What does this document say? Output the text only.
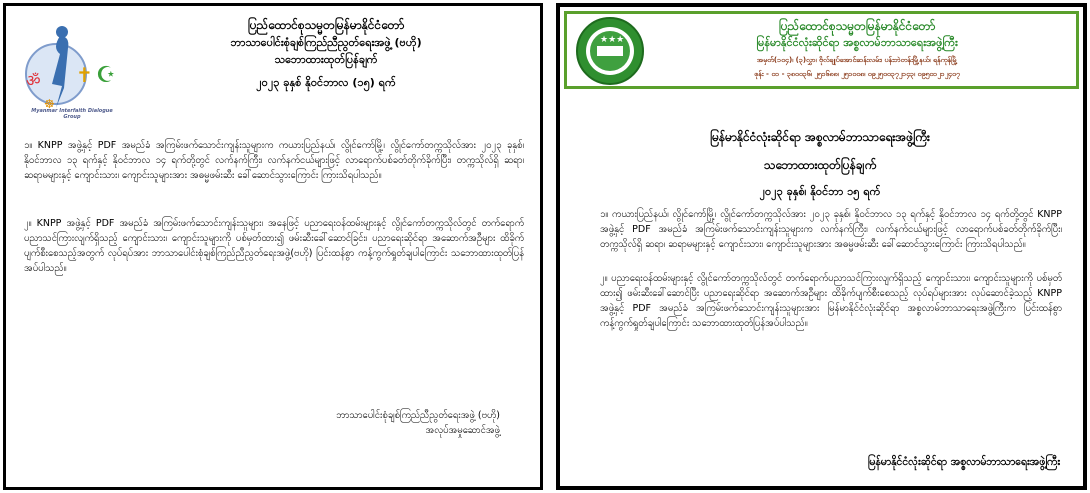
ॐ ✝ ☪
☸
Myanmar Interfaith Dialogue Group
ပြည်ထောင်စုသမ္မတမြန်မာနိုင်ငံတော်
ဘာသာပေါင်းစုံချစ်ကြည်ညီညွတ်ရေးအဖွဲ့ (ဗဟို)
သဘောထားထုတ်ပြန်ချက်
၂၀၂၃ ခုနှစ် နိုဝင်ဘာလ (၁၅) ရက်
၁။ KNPP အဖွဲ့နှင့် PDF အမည်ခံ အကြမ်းဖက်သောင်းကျန်းသူများက ကယားပြည်နယ်၊ လွိုင်ကော်မြို့၊ လွိုင်ကော်တက္ကသိုလ်အား ၂၀၂၃ ခုနှစ်၊ နိုဝင်ဘာလ ၁၃ ရက်နှင့် နိုဝင်ဘာလ ၁၄ ရက်တို့တွင် လက်နက်ကြီး၊ လက်နက်ငယ်များဖြင့် လာရောက်ပစ်ခတ်တိုက်ခိုက်ပြီး၊ တက္ကသိုလ်ရှိ ဆရာ၊ ဆရာမများနှင့် ကျောင်းသား၊ ကျောင်းသူများအား အဓမ္မဖမ်းဆီး ခေါ်ဆောင်သွားကြောင်း ကြားသိရပါသည်။
၂။ KNPP အဖွဲ့နှင့် PDF အမည်ခံ အကြမ်းဖက်သောင်းကျန်းသူများ၊ အနေဖြင့် ပညာရေးဝန်ထမ်းများနှင့် လွိုင်ကော်တက္ကသိုလ်တွင် တက်ရောက်ပညာသင်ကြားလျက်ရှိသည့် ကျောင်းသား၊ ကျောင်းသူများကို ပစ်မှတ်ထား၍ ဖမ်းဆီးခေါ်ဆောင်ခြင်း၊ ပညာရေးဆိုင်ရာ အဆောက်အဦများ ထိခိုက် ပျက်စီးစေသည့်အတွက် လုပ်ရပ်အား ဘာသာပေါင်းစုံချစ်ကြည်ညီညွတ်ရေးအဖွဲ့(ဗဟို) ပြင်းထန်စွာ ကန့်ကွက်ရှုတ်ချပါကြောင်း သဘောထားထုတ်ပြန်အပ်ပါသည်။
ဘာသာပေါင်းစုံချစ်ကြည်ညီညွတ်ရေးအဖွဲ့ (ဗဟို)
အလုပ်အမှုဆောင်အဖွဲ့
★★★
ပြည်ထောင်စုသမ္မတမြန်မာနိုင်ငံတော်
မြန်မာနိုင်ငံလုံးဆိုင်ရာ အစ္စလာမ်ဘာသာရေးအဖွဲ့ကြီး
အမှတ်(၁၀၄)၊ (၃)လွှာ၊ ဗိုလ်ချုပ်အောင်ဆန်းလမ်း၊ ပန်းဘဲတန်းမြို့နယ်၊ ရန်ကုန်မြို့
ဖုန်း - ၀၁ - ၃၈၀၀၃၆၊ ၂၅၁၆၈၈၊ ၂၅၁၀၀၈၊ ၀၉၂၅၀၀၃၇၂၁၄၃၊ ၀၉၅၀၁၂၁၂၄၀၇
မြန်မာနိုင်ငံလုံးဆိုင်ရာ အစ္စလာမ်ဘာသာရေးအဖွဲ့ကြီး
သဘောထားထုတ်ပြန်ချက်
၂၀၂၃ ခုနှစ်၊ နိုဝင်ဘာ ၁၅ ရက်
၁။ ကယားပြည်နယ်၊ လွိုင်ကော်မြို့၊ လွိုင်ကော်တက္ကသိုလ်အား ၂၀၂၃ ခုနှစ်၊ နိုဝင်ဘာလ ၁၃ ရက်နှင့် နိုဝင်ဘာလ ၁၄ ရက်တို့တွင် KNPP အဖွဲ့နှင့် PDF အမည်ခံ အကြမ်းဖက်သောင်းကျန်းသူများက လက်နက်ကြီး၊ လက်နက်ငယ်များဖြင့် လာရောက်ပစ်ခတ်တိုက်ခိုက်ပြီး၊ တက္ကသိုလ်ရှိ ဆရာ၊ ဆရာမများနှင့် ကျောင်းသား၊ ကျောင်းသူများအား အဓမ္မဖမ်းဆီး ခေါ်ဆောင်သွားကြောင်း ကြားသိရပါသည်။
၂။ ပညာရေးဝန်ထမ်းများနှင့် လွိုင်ကော်တက္ကသိုလ်တွင် တက်ရောက်ပညာသင်ကြားလျက်ရှိသည့် ကျောင်းသား၊ ကျောင်းသူများကို ပစ်မှတ်ထား၍ ဖမ်းဆီးခေါ်ဆောင်ပြီး ပညာရေးဆိုင်ရာ အဆောက်အဦများ ထိခိုက်ပျက်စီးစေသည့် လုပ်ရပ်များအား လုပ်ဆောင်ခဲ့သည့် KNPP အဖွဲ့နှင့် PDF အမည်ခံ အကြမ်းဖက်သောင်းကျန်းသူများအား မြန်မာနိုင်ငံလုံးဆိုင်ရာ အစ္စလာမ်ဘာသာရေးအဖွဲ့ကြီးက ပြင်းထန်စွာ ကန့်ကွက်ရှုတ်ချပါကြောင်း သဘောထားထုတ်ပြန်အပ်ပါသည်။
မြန်မာနိုင်ငံလုံးဆိုင်ရာ အစ္စလာမ်ဘာသာရေးအဖွဲ့ကြီး
